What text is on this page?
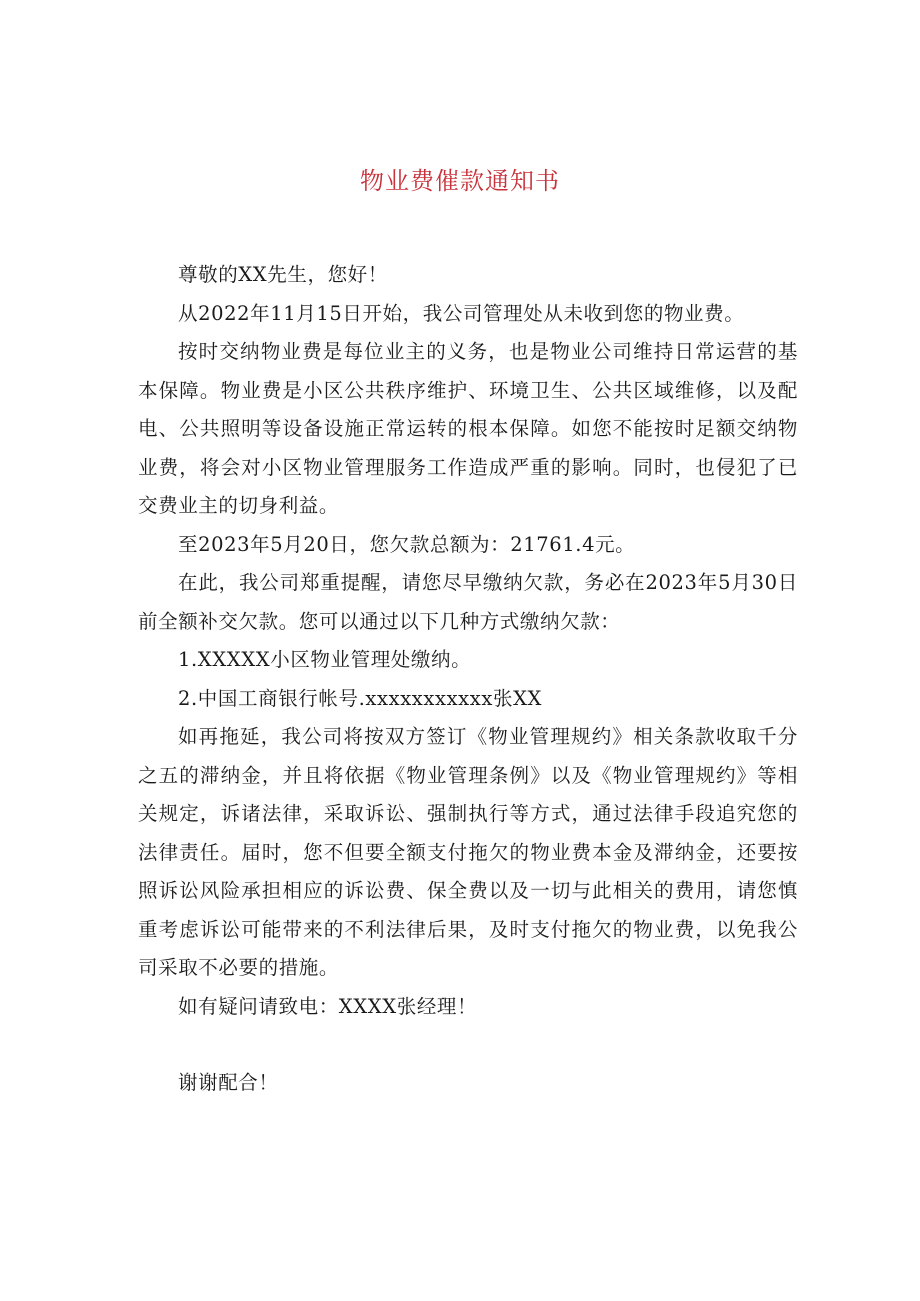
物业费催款通知书

尊敬的XX先生，您好！

从2022年11月15日开始，我公司管理处从未收到您的物业费。

按时交纳物业费是每位业主的义务，也是物业公司维持日常运营的基本保障。物业费是小区公共秩序维护、环境卫生、公共区域维修，以及配电、公共照明等设备设施正常运转的根本保障。如您不能按时足额交纳物业费，将会对小区物业管理服务工作造成严重的影响。同时，也侵犯了已交费业主的切身利益。

至2023年5月20日，您欠款总额为：21761.4元。

在此，我公司郑重提醒，请您尽早缴纳欠款，务必在2023年5月30日前全额补交欠款。您可以通过以下几种方式缴纳欠款：

1.XXXXX小区物业管理处缴纳。

2.中国工商银行帐号.xxxxxxxxxxx张XX

如再拖延，我公司将按双方签订《物业管理规约》相关条款收取千分之五的滞纳金，并且将依据《物业管理条例》以及《物业管理规约》等相关规定，诉诸法律，采取诉讼、强制执行等方式，通过法律手段追究您的法律责任。届时，您不但要全额支付拖欠的物业费本金及滞纳金，还要按照诉讼风险承担相应的诉讼费、保全费以及一切与此相关的费用，请您慎重考虑诉讼可能带来的不利法律后果，及时支付拖欠的物业费，以免我公司采取不必要的措施。

如有疑问请致电：XXXX张经理！

谢谢配合！
